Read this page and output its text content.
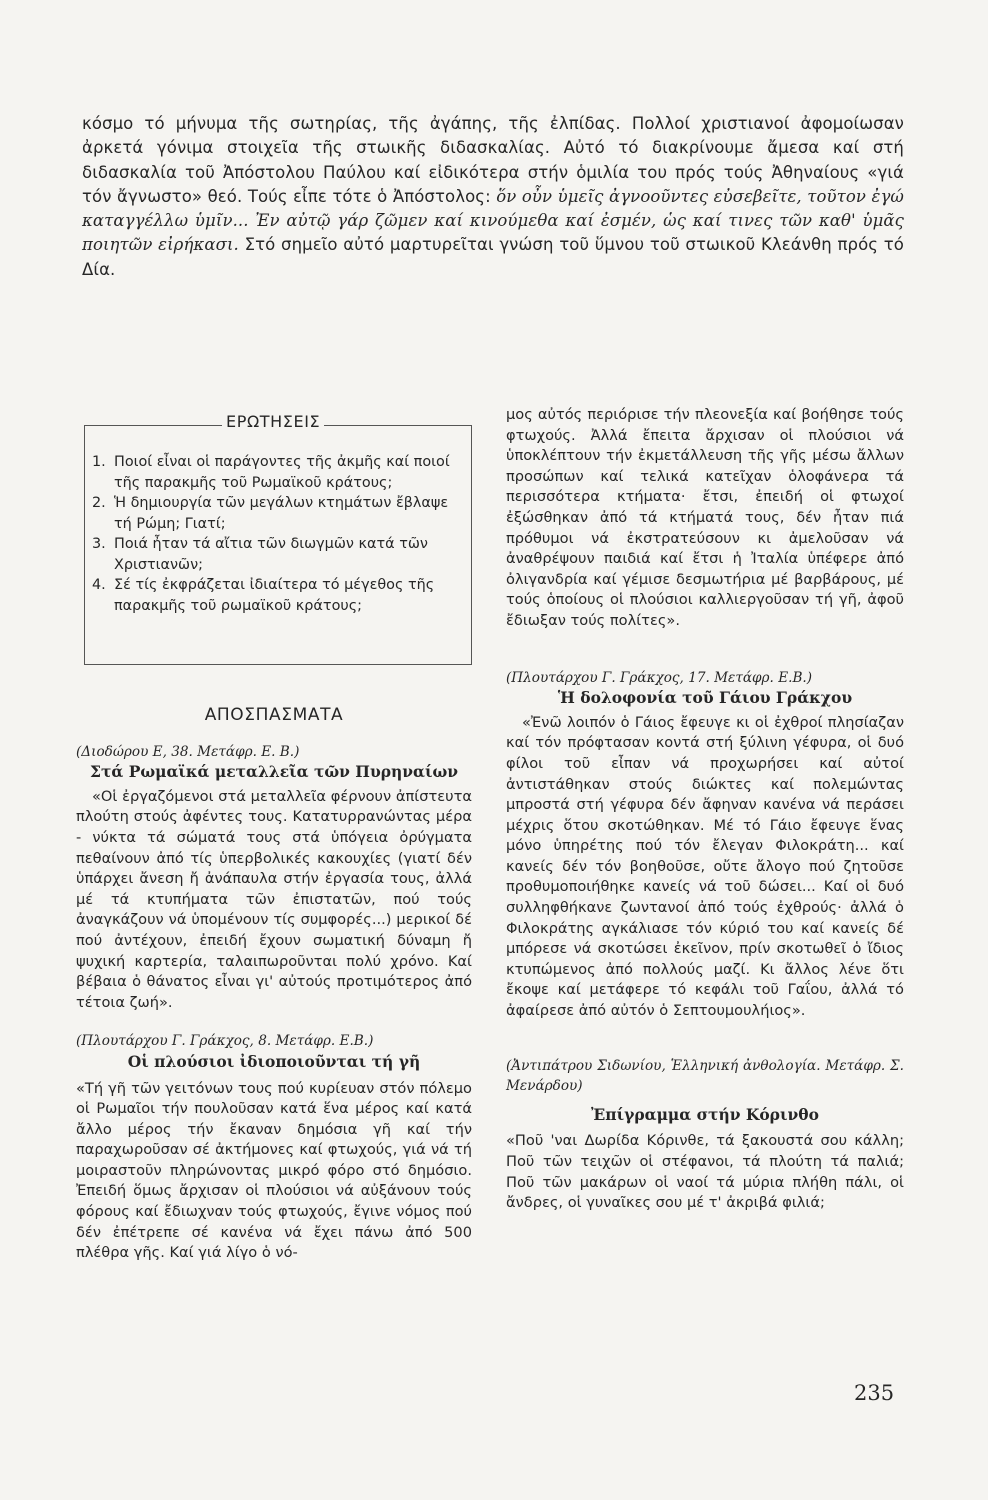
κόσμο τό μήνυμα τῆς σωτηρίας, τῆς ἀγάπης, τῆς ἐλπίδας. Πολλοί χριστιανοί ἀφομοίωσαν ἀρκετά γόνιμα στοιχεῖα τῆς στωικῆς διδασκαλίας. Αὐτό τό διακρίνουμε ἄμεσα καί στή διδασκαλία τοῦ Ἀπόστολου Παύλου καί εἰδικότερα στήν ὁμιλία του πρός τούς Ἀθηναίους «γιά τόν ἄγνωστο» θεό. Τούς εἶπε τότε ὁ Ἀπόστολος: ὅν οὖν ὑμεῖς ἀγνοοῦντες εὐσεβεῖτε, τοῦτον ἐγώ καταγγέλλω ὑμῖν... Ἐν αὐτῷ γάρ ζῶμεν καί κινούμεθα καί ἐσμέν, ὡς καί τινες τῶν καθ' ὑμᾶς ποιητῶν εἰρήκασι. Στό σημεῖο αὐτό μαρτυρεῖται γνώση τοῦ ὕμνου τοῦ στωικοῦ Κλεάνθη πρός τό Δία.

ΕΡΩΤΗΣΕΙΣ

1. Ποιοί εἶναι οἱ παράγοντες τῆς ἀκμῆς καί ποιοί τῆς παρακμῆς τοῦ Ρωμαϊκοῦ κράτους;

2. Ἡ δημιουργία τῶν μεγάλων κτημάτων ἔβλαψε τή Ρώμη; Γιατί;

3. Ποιά ἦταν τά αἴτια τῶν διωγμῶν κατά τῶν Χριστιανῶν;

4. Σέ τίς ἐκφράζεται ἰδιαίτερα τό μέγεθος τῆς παρακμῆς τοῦ ρωμαϊκοῦ κράτους;

ΑΠΟΣΠΑΣΜΑΤΑ

(Διοδώρου Ε, 38. Μετάφρ. Ε. Β.)

Στά Ρωμαϊκά μεταλλεῖα τῶν Πυρηναίων

«Οἱ ἐργαζόμενοι στά μεταλλεῖα φέρνουν ἀπίστευτα πλούτη στούς ἀφέντες τους. Κατατυρρανώντας μέρα - νύκτα τά σώματά τους στά ὑπόγεια ὀρύγματα πεθαίνουν ἀπό τίς ὑπερβολικές κακουχίες (γιατί δέν ὑπάρχει ἄνεση ἤ ἀνάπαυλα στήν ἐργασία τους, ἀλλά μέ τά κτυπήματα τῶν ἐπιστατῶν, πού τούς ἀναγκάζουν νά ὑπομένουν τίς συμφορές...) μερικοί δέ πού ἀντέχουν, ἐπειδή ἔχουν σωματική δύναμη ἤ ψυχική καρτερία, ταλαιπωροῦνται πολύ χρόνο. Καί βέβαια ὁ θάνατος εἶναι γι' αὐτούς προτιμότερος ἀπό τέτοια ζωή».

(Πλουτάρχου Γ. Γράκχος, 8. Μετάφρ. Ε.Β.)

Οἱ πλούσιοι ἰδιοποιοῦνται τή γῆ

«Τή γῆ τῶν γειτόνων τους πού κυρίευαν στόν πόλεμο οἱ Ρωμαῖοι τήν πουλοῦσαν κατά ἕνα μέρος καί κατά ἄλλο μέρος τήν ἔκαναν δημόσια γῆ καί τήν παραχωροῦσαν σέ ἀκτήμονες καί φτωχούς, γιά νά τή μοιραστοῦν πληρώνοντας μικρό φόρο στό δημόσιο. Ἐπειδή ὅμως ἄρχισαν οἱ πλούσιοι νά αὐξάνουν τούς φόρους καί ἔδιωχναν τούς φτωχούς, ἔγινε νόμος πού δέν ἐπέτρεπε σέ κανένα νά ἔχει πάνω ἀπό 500 πλέθρα γῆς. Καί γιά λίγο ὁ νό-

μος αὐτός περιόρισε τήν πλεονεξία καί βοήθησε τούς φτωχούς. Ἀλλά ἔπειτα ἄρχισαν οἱ πλούσιοι νά ὑποκλέπτουν τήν ἐκμετάλλευση τῆς γῆς μέσω ἄλλων προσώπων καί τελικά κατεῖχαν ὁλοφάνερα τά περισσότερα κτήματα· ἔτσι, ἐπειδή οἱ φτωχοί ἐξώσθηκαν ἀπό τά κτήματά τους, δέν ἦταν πιά πρόθυμοι νά ἐκστρατεύσουν κι ἀμελοῦσαν νά ἀναθρέψουν παιδιά καί ἔτσι ἡ Ἰταλία ὑπέφερε ἀπό ὀλιγανδρία καί γέμισε δεσμωτήρια μέ βαρβάρους, μέ τούς ὁποίους οἱ πλούσιοι καλλιεργοῦσαν τή γῆ, ἀφοῦ ἔδιωξαν τούς πολίτες».

(Πλουτάρχου Γ. Γράκχος, 17. Μετάφρ. Ε.Β.)

Ἡ δολοφονία τοῦ Γάιου Γράκχου

«Ἐνῶ λοιπόν ὁ Γάιος ἔφευγε κι οἱ ἐχθροί πλησίαζαν καί τόν πρόφτασαν κοντά στή ξύλινη γέφυρα, οἱ δυό φίλοι τοῦ εἶπαν νά προχωρήσει καί αὐτοί ἀντιστάθηκαν στούς διώκτες καί πολεμώντας μπροστά στή γέφυρα δέν ἄφηναν κανένα νά περάσει μέχρις ὅτου σκοτώθηκαν. Μέ τό Γάιο ἔφευγε ἕνας μόνο ὑπηρέτης πού τόν ἔλεγαν Φιλοκράτη... καί κανείς δέν τόν βοηθοῦσε, οὔτε ἄλογο πού ζητοῦσε προθυμοποιήθηκε κανείς νά τοῦ δώσει... Καί οἱ δυό συλληφθήκανε ζωντανοί ἀπό τούς ἐχθρούς· ἀλλά ὁ Φιλοκράτης αγκάλιασε τόν κύριό του καί κανείς δέ μπόρεσε νά σκοτώσει ἐκεῖνον, πρίν σκοτωθεῖ ὁ ἴδιος κτυπώμενος ἀπό πολλούς μαζί. Κι ἄλλος λένε ὅτι ἔκοψε καί μετάφερε τό κεφάλι τοῦ Γαΐου, ἀλλά τό ἀφαίρεσε ἀπό αὐτόν ὁ Σεπτουμουλήιος».

(Ἀντιπάτρου Σιδωνίου, Ἑλληνική ἀνθολογία. Μετάφρ. Σ. Μενάρδου)

Ἐπίγραμμα στήν Κόρινθο

«Ποῦ 'ναι Δωρίδα Κόρινθε, τά ξακουστά σου κάλλη; Ποῦ τῶν τειχῶν οἱ στέφανοι, τά πλούτη τά παλιά; Ποῦ τῶν μακάρων οἱ ναοί τά μύρια πλήθη πάλι, οἱ ἄνδρες, οἱ γυναῖκες σου μέ τ' ἀκριβά φιλιά;

235
